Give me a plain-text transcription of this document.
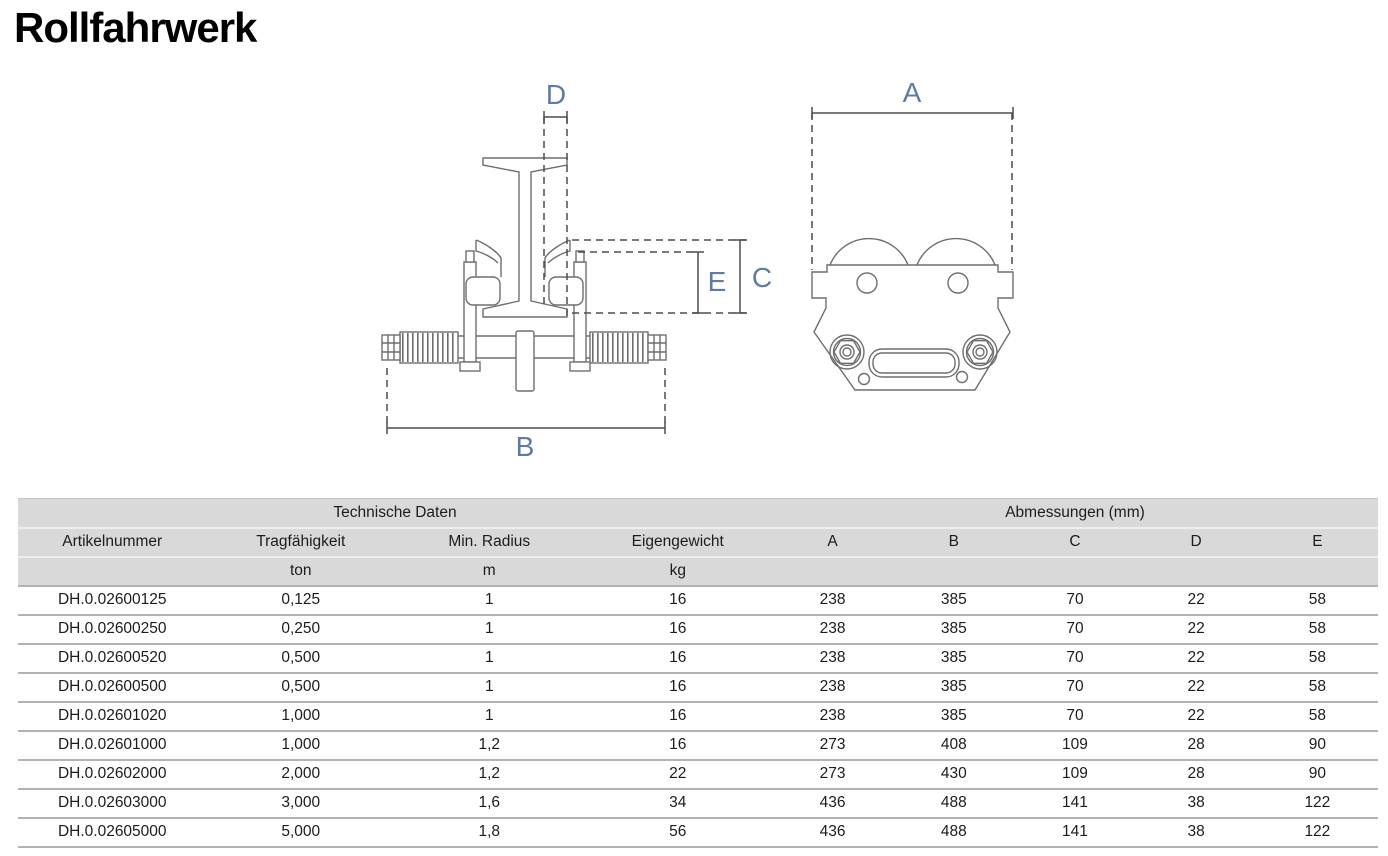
Rollfahrwerk
D
E C
B
A
Technische Daten				Abmessungen (mm)				
Artikelnummer	Tragfähigkeit	Min. Radius	Eigengewicht	A	B	C	D	E
	ton	m	kg					
DH.0.02600125	0,125	1	16	238	385	70	22	58
DH.0.02600250	0,250	1	16	238	385	70	22	58
DH.0.02600520	0,500	1	16	238	385	70	22	58
DH.0.02600500	0,500	1	16	238	385	70	22	58
DH.0.02601020	1,000	1	16	238	385	70	22	58
DH.0.02601000	1,000	1,2	16	273	408	109	28	90
DH.0.02602000	2,000	1,2	22	273	430	109	28	90
DH.0.02603000	3,000	1,6	34	436	488	141	38	122
DH.0.02605000	5,000	1,8	56	436	488	141	38	122
